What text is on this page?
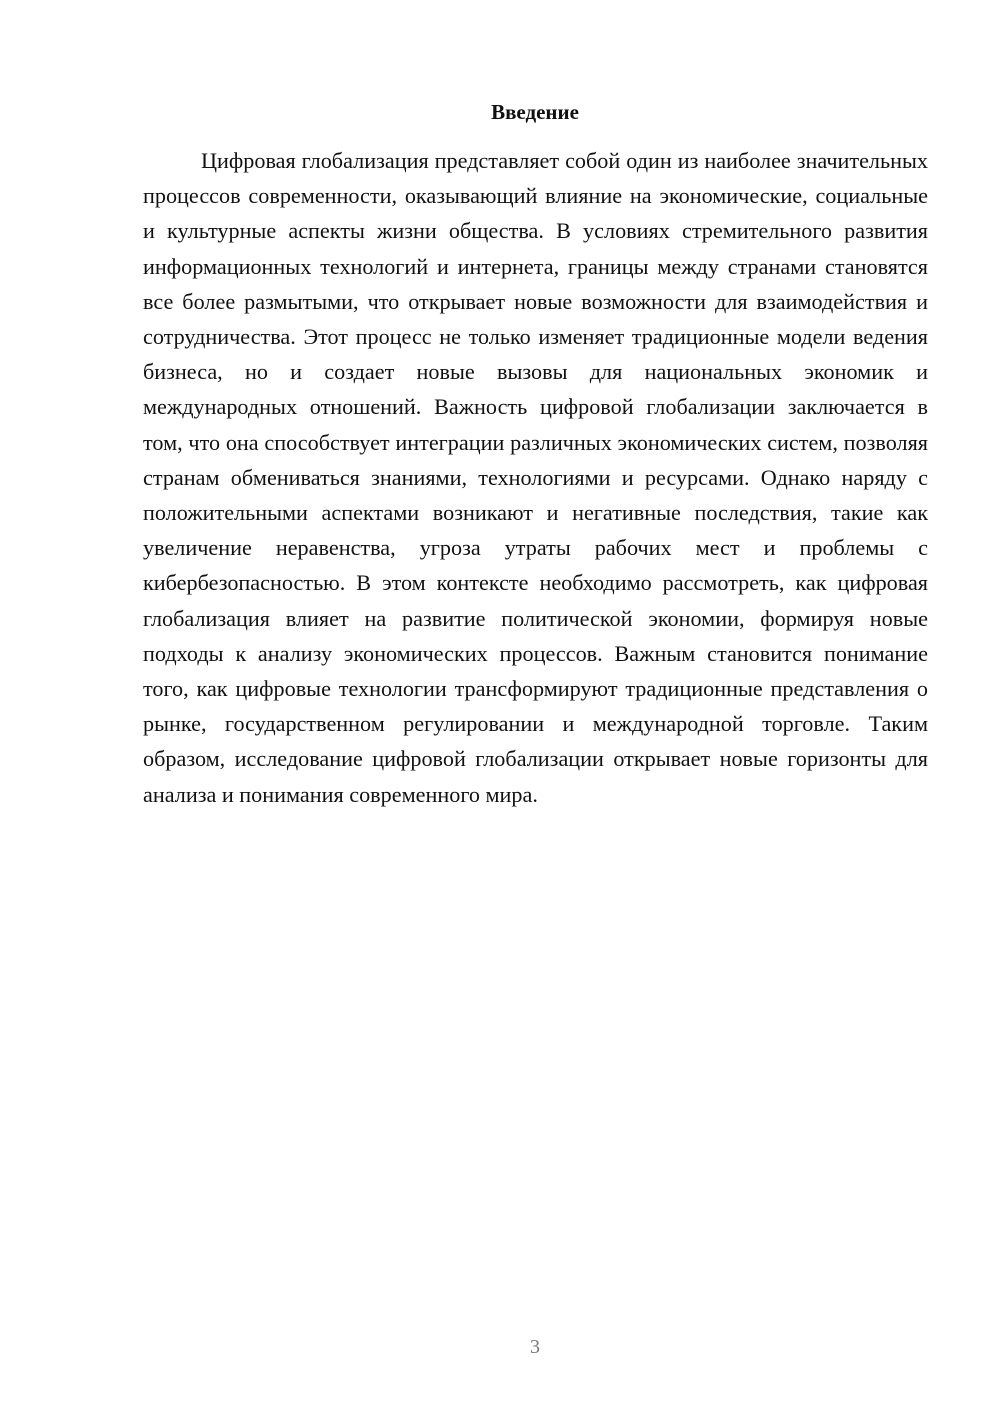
Введение

Цифровая глобализация представляет собой один из наиболее значительных процессов современности, оказывающий влияние на экономические, социальные и культурные аспекты жизни общества. В условиях стремительного развития информационных технологий и интернета, границы между странами становятся все более размытыми, что открывает новые возможности для взаимодействия и сотрудничества. Этот процесс не только изменяет традиционные модели ведения бизнеса, но и создает новые вызовы для национальных экономик и международных отношений. Важность цифровой глобализации заключается в том, что она способствует интеграции различных экономических систем, позволяя странам обмениваться знаниями, технологиями и ресурсами. Однако наряду с положительными аспектами возникают и негативные последствия, такие как увеличение неравенства, угроза утраты рабочих мест и проблемы с кибербезопасностью. В этом контексте необходимо рассмотреть, как цифровая глобализация влияет на развитие политической экономии, формируя новые подходы к анализу экономических процессов. Важным становится понимание того, как цифровые технологии трансформируют традиционные представления о рынке, государственном регулировании и международной торговле. Таким образом, исследование цифровой глобализации открывает новые горизонты для анализа и понимания современного мира.

3
